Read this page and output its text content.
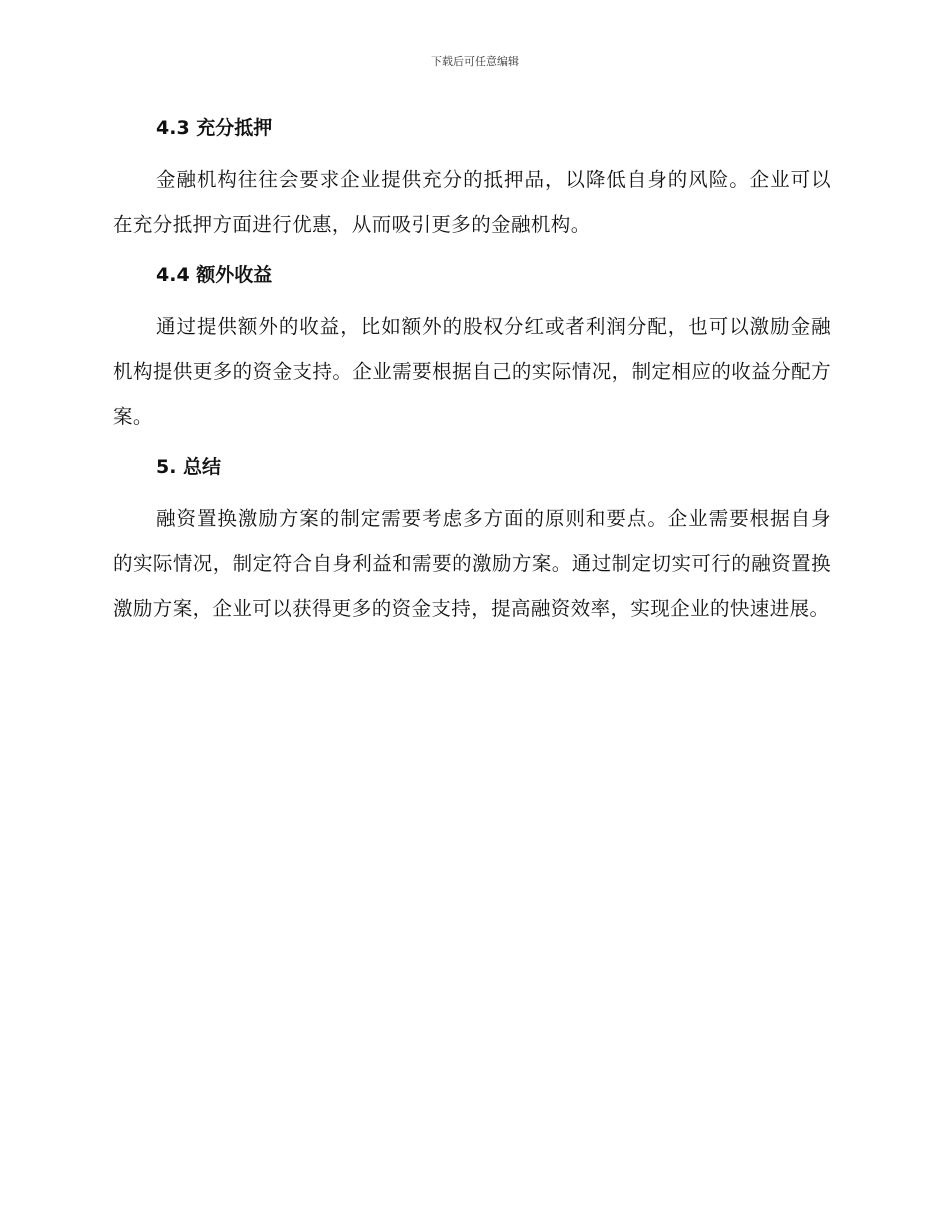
下载后可任意编辑
4.3 充分抵押

金融机构往往会要求企业提供充分的抵押品，以降低自身的风险。企业可以在充分抵押方面进行优惠，从而吸引更多的金融机构。

4.4 额外收益

通过提供额外的收益，比如额外的股权分红或者利润分配，也可以激励金融机构提供更多的资金支持。企业需要根据自己的实际情况，制定相应的收益分配方案。

5. 总结

融资置换激励方案的制定需要考虑多方面的原则和要点。企业需要根据自身的实际情况，制定符合自身利益和需要的激励方案。通过制定切实可行的融资置换激励方案，企业可以获得更多的资金支持，提高融资效率，实现企业的快速进展。
